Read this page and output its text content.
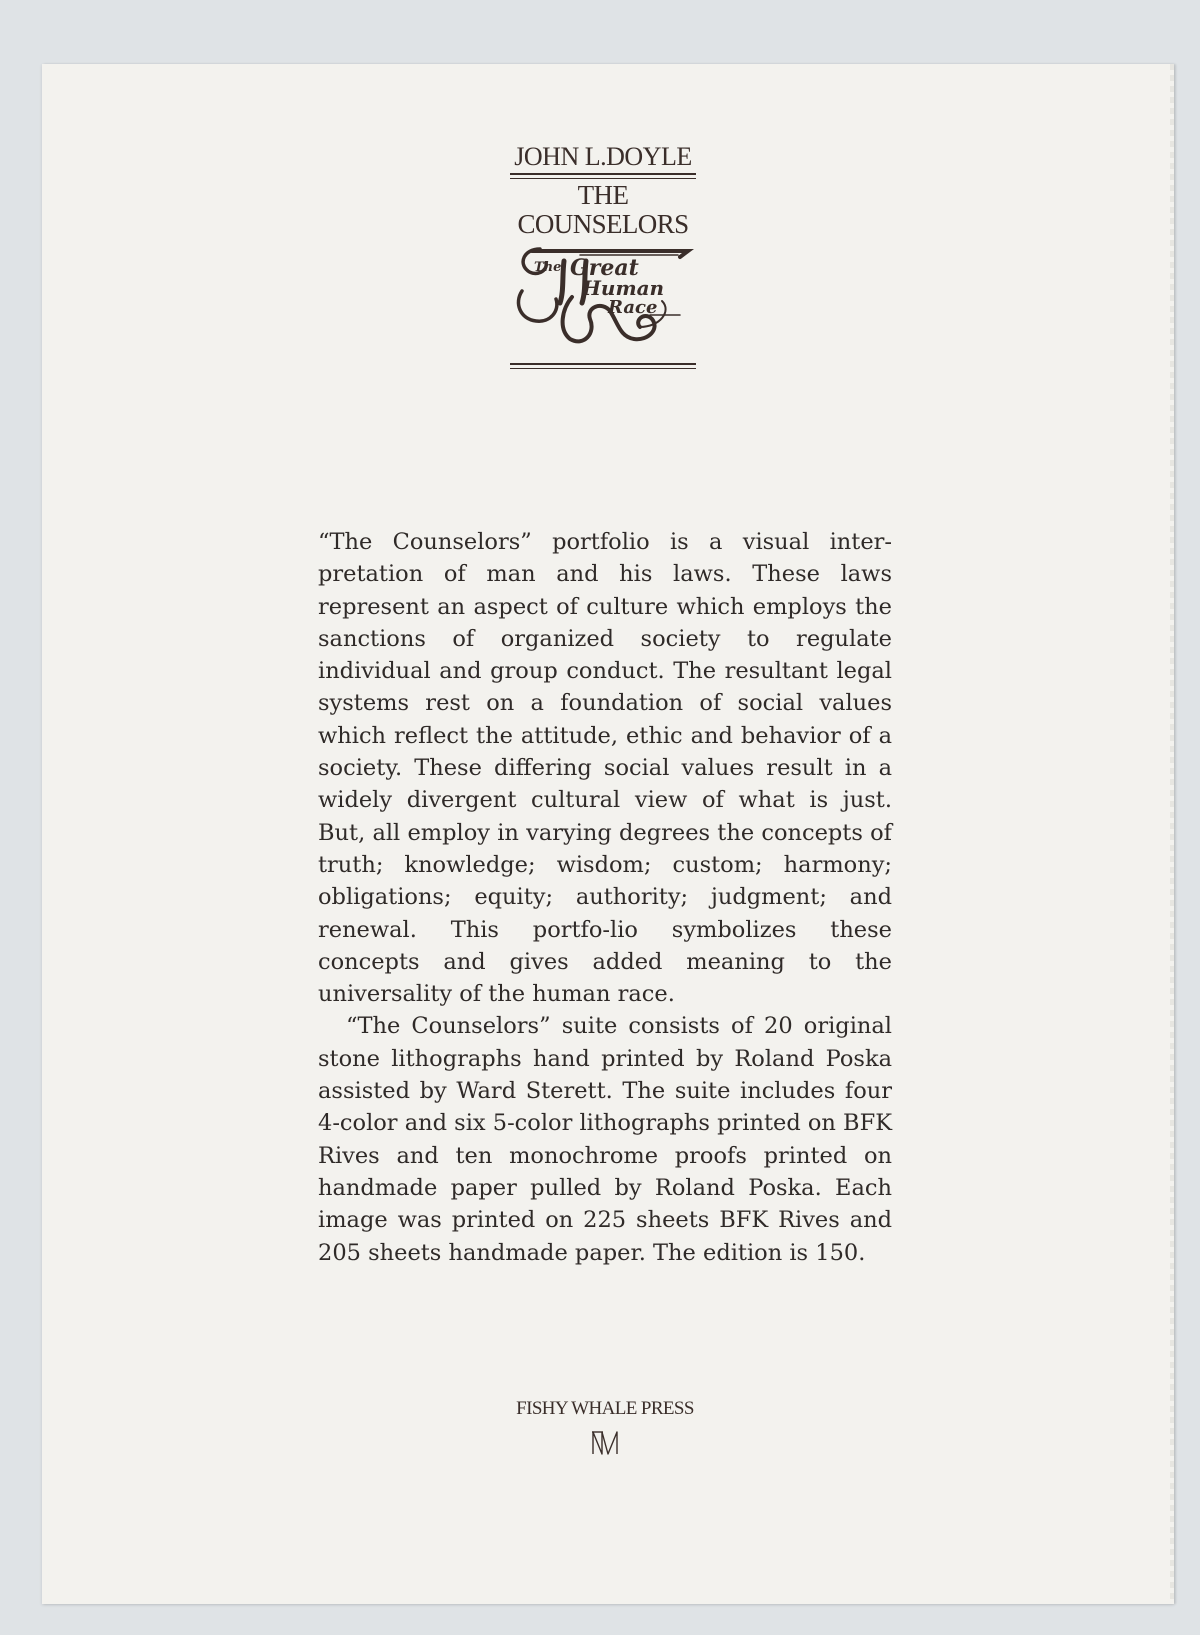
JOHN L.DOYLE
THE
COUNSELORS
The Great
Human
Race

“The Counselors” portfolio is a visual inter-pretation of man and his laws. These laws represent an aspect of culture which employs the sanctions of organized society to regulate individual and group conduct. The resultant legal systems rest on a foundation of social values which reflect the attitude, ethic and behavior of a society. These differing social values result in a widely divergent cultural view of what is just. But, all employ in varying degrees the concepts of truth; knowledge; wisdom; custom; harmony; obligations; equity; authority; judgment; and renewal. This portfo-lio symbolizes these concepts and gives added meaning to the universality of the human race.

“The Counselors” suite consists of 20 original stone lithographs hand printed by Roland Poska assisted by Ward Sterett. The suite includes four 4-color and six 5-color lithographs printed on BFK Rives and ten monochrome proofs printed on handmade paper pulled by Roland Poska. Each image was printed on 225 sheets BFK Rives and 205 sheets handmade paper. The edition is 150.

FISHY WHALE PRESS
